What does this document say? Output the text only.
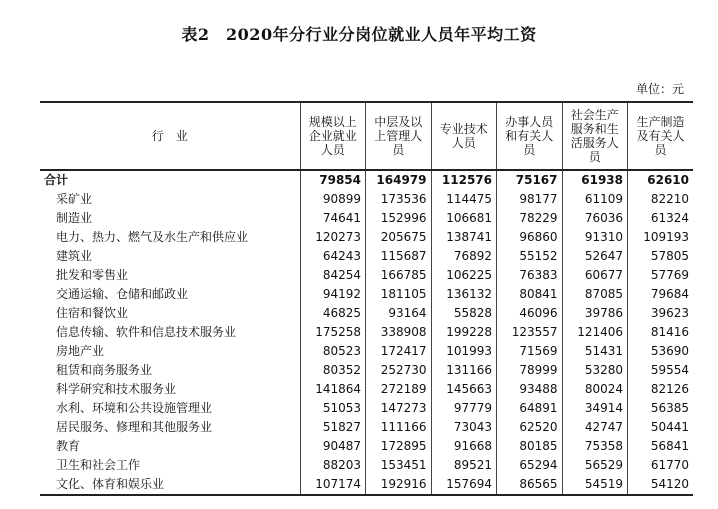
表2　2020年分行业分岗位就业人员年平均工资
单位：元
行　业	规模以上
企业就业
人员	中层及以
上管理人
员	专业技术
人员	办事人员
和有关人
员	社会生产
服务和生
活服务人
员	生产制造
及有关人
员
合计	79854	164979	112576	75167	61938	62610
采矿业	90899	173536	114475	98177	61109	82210
制造业	74641	152996	106681	78229	76036	61324
电力、热力、燃气及水生产和供应业	120273	205675	138741	96860	91310	109193
建筑业	64243	115687	76892	55152	52647	57805
批发和零售业	84254	166785	106225	76383	60677	57769
交通运输、仓储和邮政业	94192	181105	136132	80841	87085	79684
住宿和餐饮业	46825	93164	55828	46096	39786	39623
信息传输、软件和信息技术服务业	175258	338908	199228	123557	121406	81416
房地产业	80523	172417	101993	71569	51431	53690
租赁和商务服务业	80352	252730	131166	78999	53280	59554
科学研究和技术服务业	141864	272189	145663	93488	80024	82126
水利、环境和公共设施管理业	51053	147273	97779	64891	34914	56385
居民服务、修理和其他服务业	51827	111166	73043	62520	42747	50441
教育	90487	172895	91668	80185	75358	56841
卫生和社会工作	88203	153451	89521	65294	56529	61770
文化、体育和娱乐业	107174	192916	157694	86565	54519	54120
